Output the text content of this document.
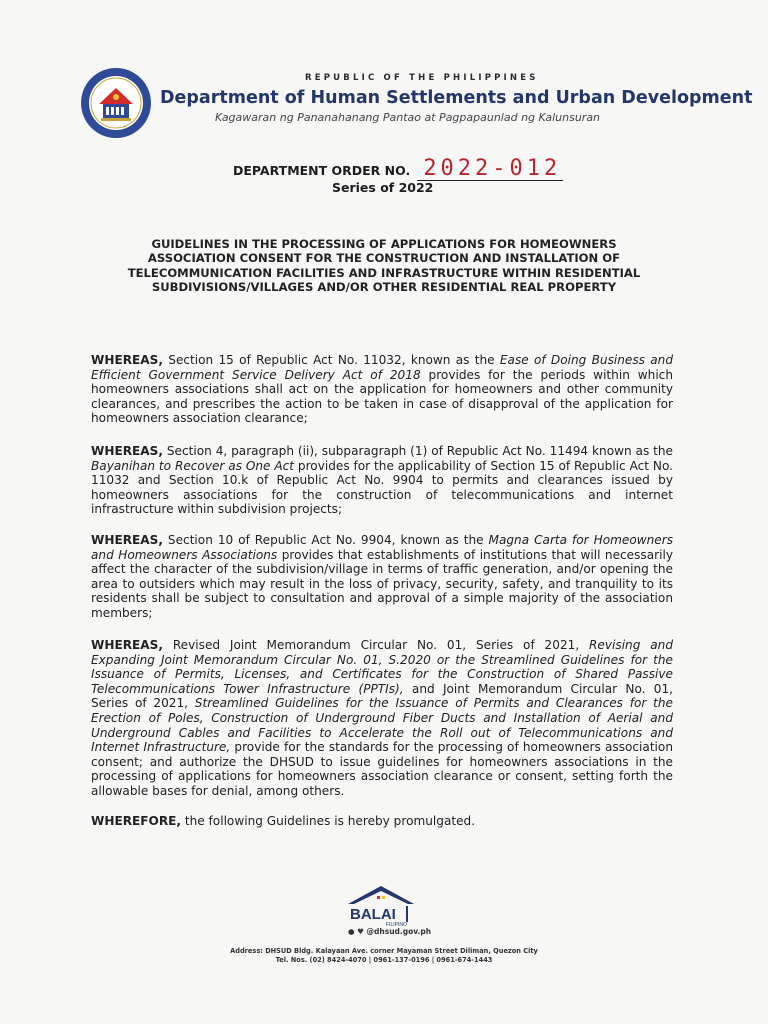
REPUBLIC OF THE PHILIPPINES
Department of Human Settlements and Urban Development
Kagawaran ng Pananahanang Pantao at Pagpapaunlad ng Kalunsuran
DEPARTMENT ORDER NO. 2022-012
Series of 2022
GUIDELINES IN THE PROCESSING OF APPLICATIONS FOR HOMEOWNERS ASSOCIATION CONSENT FOR THE CONSTRUCTION AND INSTALLATION OF TELECOMMUNICATION FACILITIES AND INFRASTRUCTURE WITHIN RESIDENTIAL SUBDIVISIONS/VILLAGES AND/OR OTHER RESIDENTIAL REAL PROPERTY
WHEREAS, Section 15 of Republic Act No. 11032, known as the Ease of Doing Business and Efficient Government Service Delivery Act of 2018 provides for the periods within which homeowners associations shall act on the application for homeowners and other community clearances, and prescribes the action to be taken in case of disapproval of the application for homeowners association clearance;
WHEREAS, Section 4, paragraph (ii), subparagraph (1) of Republic Act No. 11494 known as the Bayanihan to Recover as One Act provides for the applicability of Section 15 of Republic Act No. 11032 and Section 10.k of Republic Act No. 9904 to permits and clearances issued by homeowners associations for the construction of telecommunications and internet infrastructure within subdivision projects;
WHEREAS, Section 10 of Republic Act No. 9904, known as the Magna Carta for Homeowners and Homeowners Associations provides that establishments of institutions that will necessarily affect the character of the subdivision/village in terms of traffic generation, and/or opening the area to outsiders which may result in the loss of privacy, security, safety, and tranquility to its residents shall be subject to consultation and approval of a simple majority of the association members;
WHEREAS, Revised Joint Memorandum Circular No. 01, Series of 2021, Revising and Expanding Joint Memorandum Circular No. 01, S.2020 or the Streamlined Guidelines for the Issuance of Permits, Licenses, and Certificates for the Construction of Shared Passive Telecommunications Tower Infrastructure (PPTIs), and Joint Memorandum Circular No. 01, Series of 2021, Streamlined Guidelines for the Issuance of Permits and Clearances for the Erection of Poles, Construction of Underground Fiber Ducts and Installation of Aerial and Underground Cables and Facilities to Accelerate the Roll out of Telecommunications and Internet Infrastructure, provide for the standards for the processing of homeowners association consent; and authorize the DHSUD to issue guidelines for homeowners associations in the processing of applications for homeowners association clearance or consent, setting forth the allowable bases for denial, among others.
WHEREFORE, the following Guidelines is hereby promulgated.
BALAI
FILIPINO
● ♥ @dhsud.gov.ph
Address: DHSUD Bldg. Kalayaan Ave. corner Mayaman Street Diliman, Quezon City
Tel. Nos. (02) 8424-4070 | 0961-137-0196 | 0961-674-1443
